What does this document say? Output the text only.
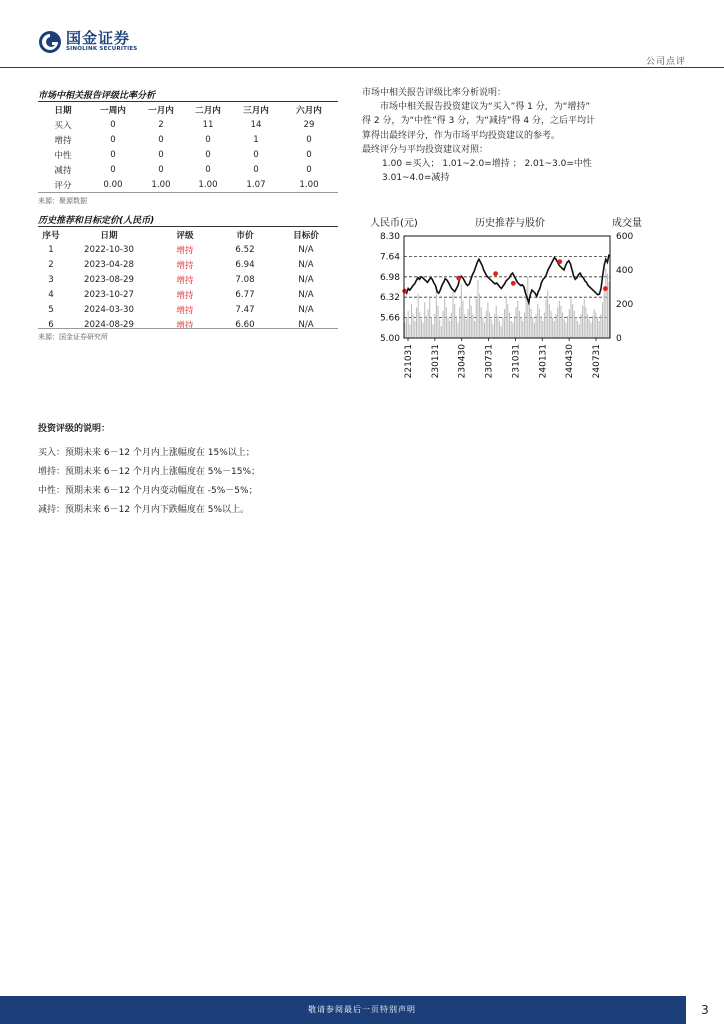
国金证券
SINOLINK SECURITIES
公司点评
市场中相关报告评级比率分析
日期	一周内	一月内	二月内	三月内	六月内
买入	0	2	11	14	29
增持	0	0	0	1	0
中性	0	0	0	0	0
减持	0	0	0	0	0
评分	0.00	1.00	1.00	1.07	1.00
来源：聚源数据
历史推荐和目标定价(人民币)
序号	日期	评级	市价	目标价
1	2022-10-30	增持	6.52	N/A
2	2023-04-28	增持	6.94	N/A
3	2023-08-29	增持	7.08	N/A
4	2023-10-27	增持	6.77	N/A
5	2024-03-30	增持	7.47	N/A
6	2024-08-29	增持	6.60	N/A
来源：国金证券研究所

市场中相关报告评级比率分析说明：

市场中相关报告投资建议为“买入”得 1 分，为“增持”

得 2 分，为“中性”得 3 分，为“减持”得 4 分，之后平均计

算得出最终评分，作为市场平均投资建议的参考。

最终评分与平均投资建议对照：

1.00 =买入； 1.01~2.0=增持 ； 2.01~3.0=中性

3.01~4.0=减持

人民币(元)	历史推荐与股价	成交量
8.30
7.64
6.98
6.32
5.66
5.00
600
400
200
0
221031 230131 230430 230731 231031 240131 240430 240731
投资评级的说明：
买入：预期未来 6－12 个月内上涨幅度在 15%以上；
增持：预期未来 6－12 个月内上涨幅度在 5%－15%；
中性：预期未来 6－12 个月内变动幅度在 -5%－5%；
减持：预期未来 6－12 个月内下跌幅度在 5%以上。
敬请参阅最后一页特别声明	3
